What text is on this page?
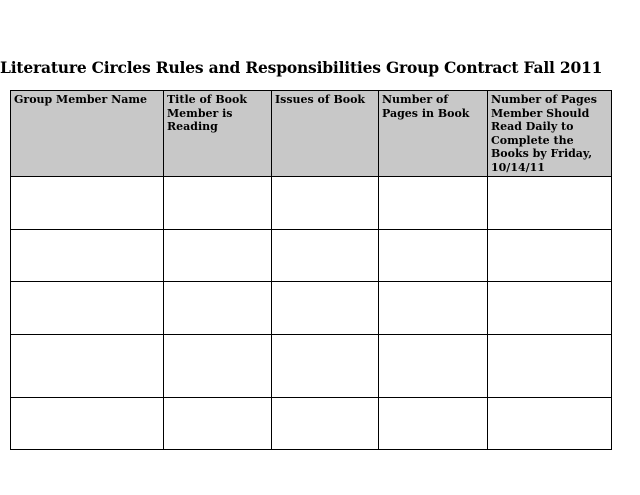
Literature Circles Rules and Responsibilities Group Contract Fall 2011
Group Member Name	Title of Book Member is Reading	Issues of Book	Number of Pages in Book	Number of Pages Member Should Read Daily to Complete the Books by Friday, 10/14/11
